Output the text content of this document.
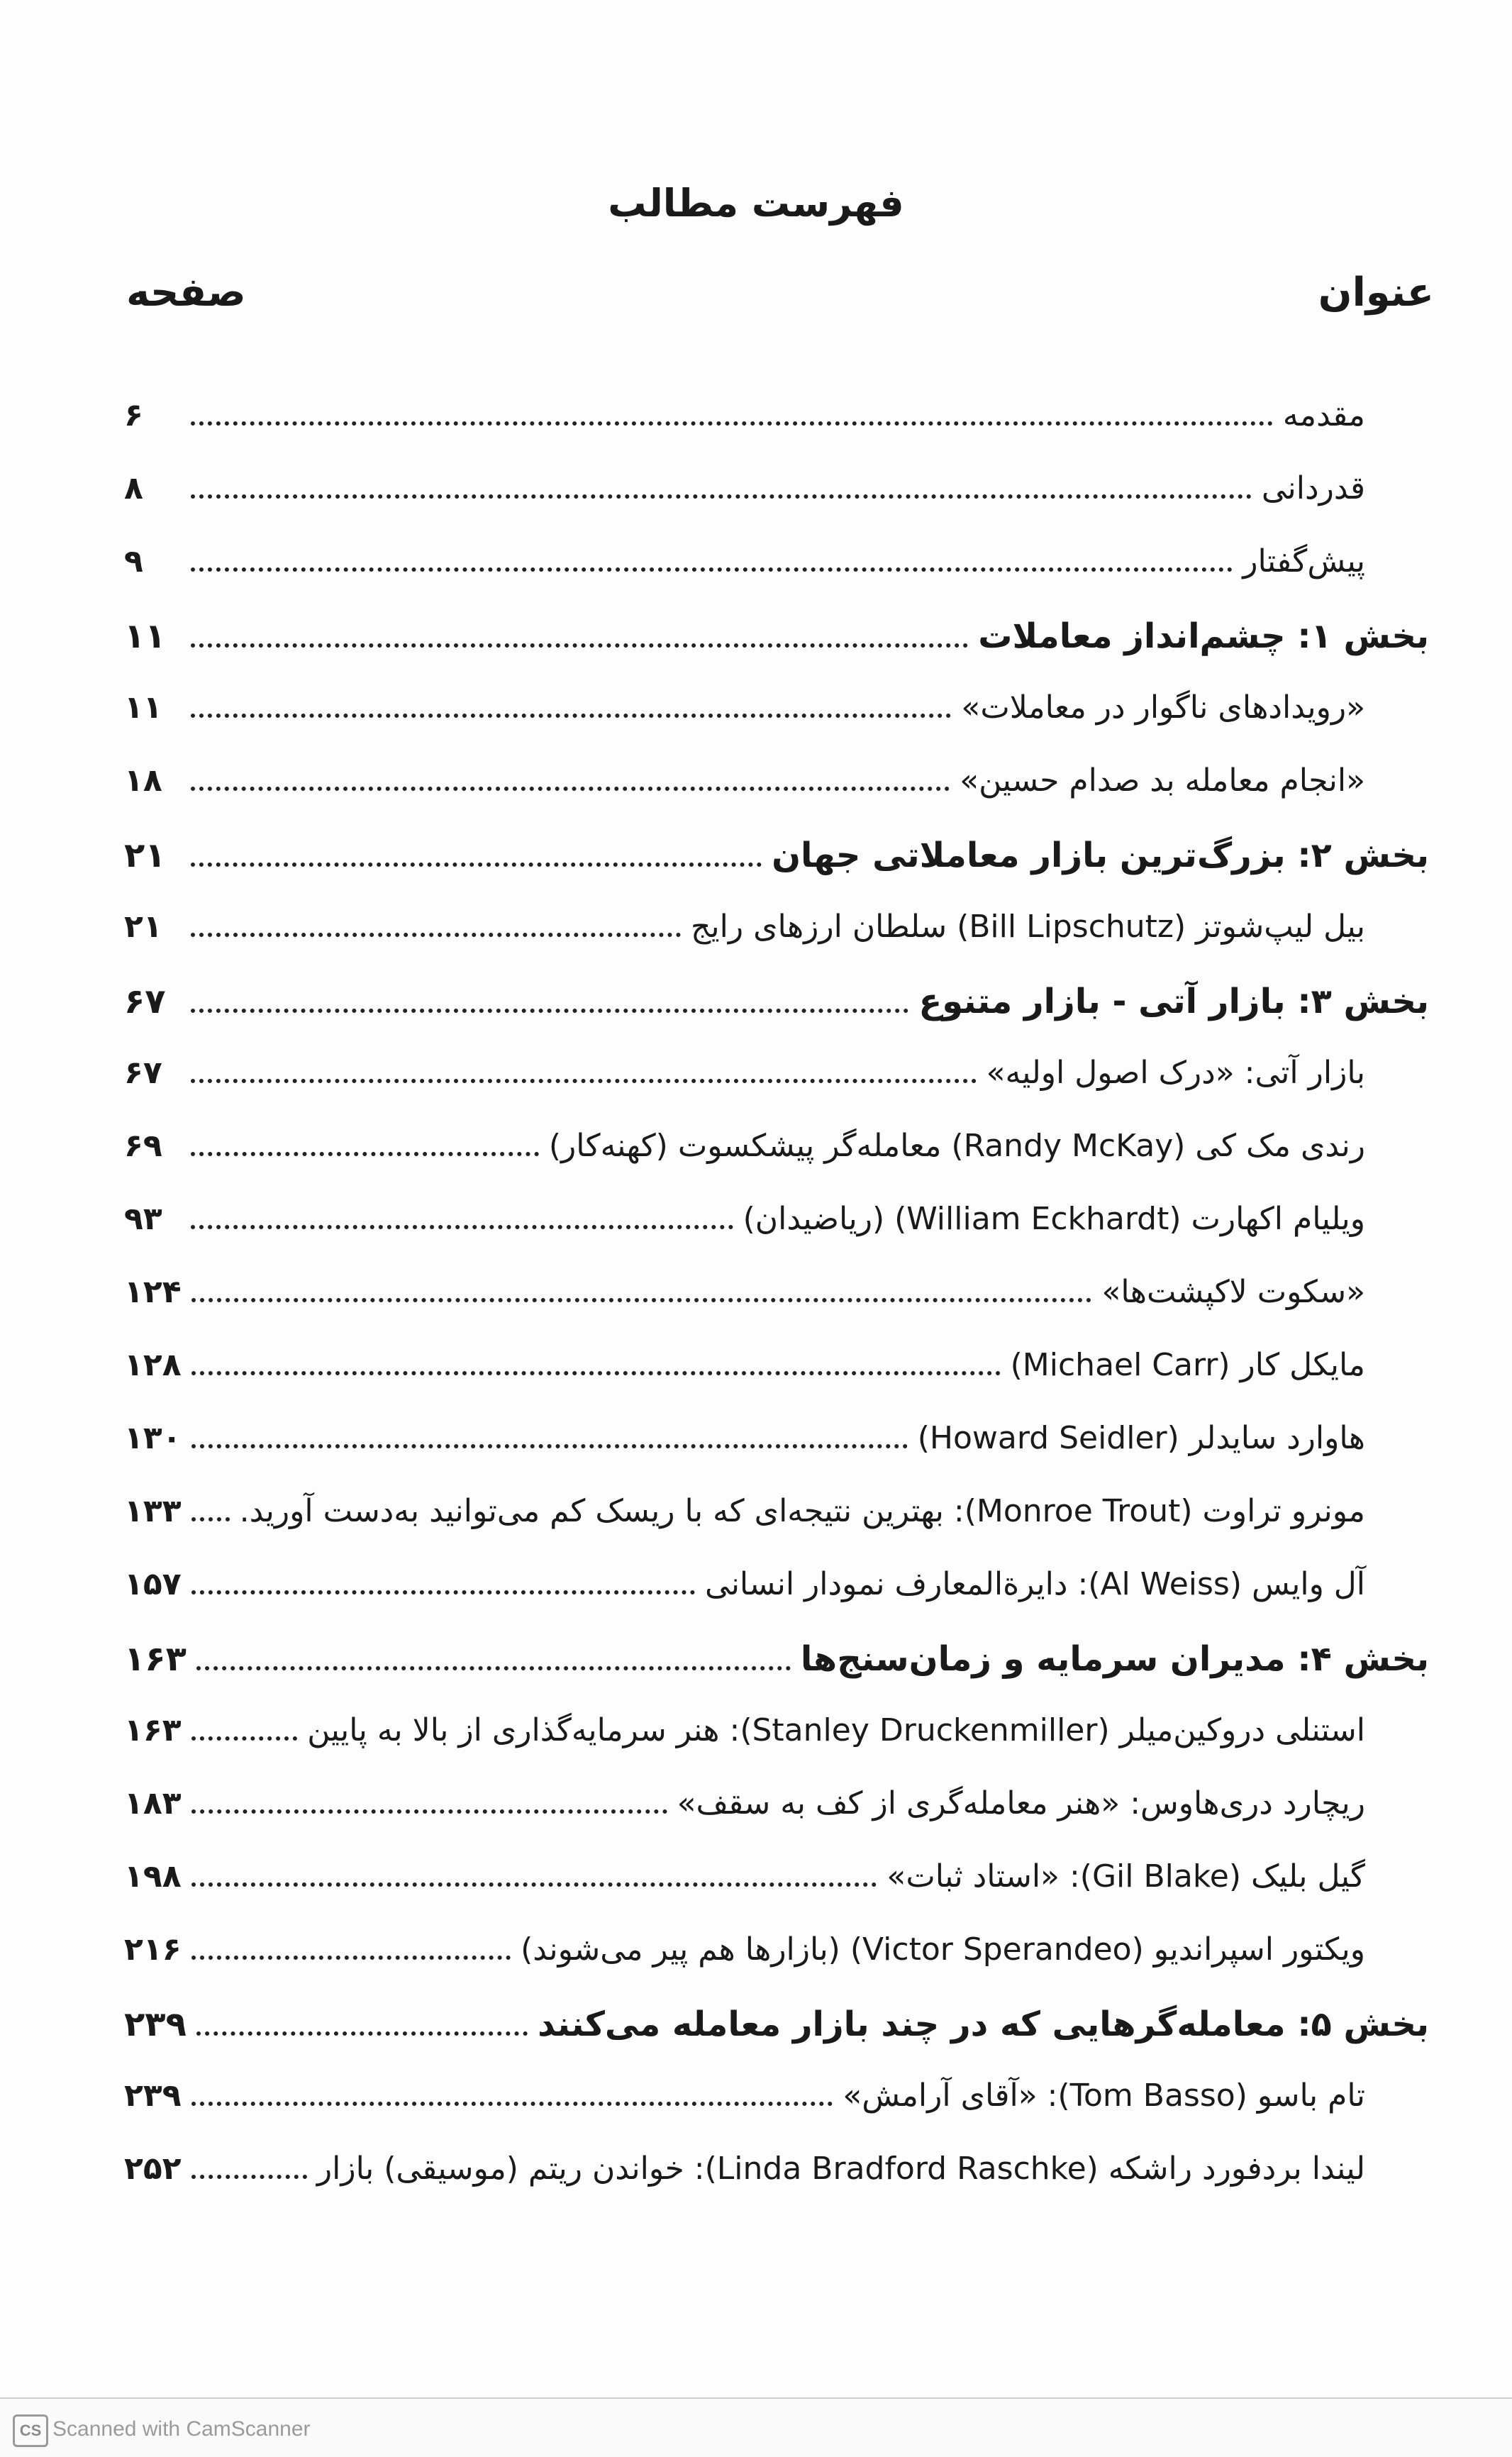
فهرست مطالب
عنوان
صفحه
مقدمه
۶
قدردانی
۸
پیش‌گفتار
۹
بخش ۱: چشم‌انداز معاملات
۱۱
«رویدادهای ناگوار در معاملات»
۱۱
«انجام معامله بد صدام حسین»
۱۸
بخش ۲: بزرگ‌ترین بازار معاملاتی جهان
۲۱
بیل لیپ‌شوتز (Bill Lipschutz) سلطان ارزهای رایج
۲۱
بخش ۳: بازار آتی - بازار متنوع
۶۷
بازار آتی: «درک اصول اولیه»
۶۷
رندی مک کی (Randy McKay) معامله‌گر پیشکسوت (کهنه‌کار)
۶۹
ویلیام اکهارت (William Eckhardt) (ریاضیدان)
۹۳
«سکوت لاکپشت‌ها»
۱۲۴
مایکل کار (Michael Carr)
۱۲۸
هاوارد سایدلر (Howard Seidler)
۱۳۰
مونرو تراوت (Monroe Trout): بهترین نتیجه‌ای که با ریسک کم می‌توانید به‌دست آورید.
۱۳۳
آل وایس (Al Weiss): دایرةالمعارف نمودار انسانی
۱۵۷
بخش ۴: مدیران سرمایه و زمان‌سنج‌ها
۱۶۳
استنلی دروکین‌میلر (Stanley Druckenmiller): هنر سرمایه‌گذاری از بالا به پایین
۱۶۳
ریچارد دری‌هاوس: «هنر معامله‌گری از کف به سقف»
۱۸۳
گیل بلیک (Gil Blake): «استاد ثبات»
۱۹۸
ویکتور اسپراندیو (Victor Sperandeo) (بازارها هم پیر می‌شوند)
۲۱۶
بخش ۵: معامله‌گرهایی که در چند بازار معامله می‌کنند
۲۳۹
تام باسو (Tom Basso): «آقای آرامش»
۲۳۹
لیندا بردفورد راشکه (Linda Bradford Raschke): خواندن ریتم (موسیقی) بازار
۲۵۲
CS Scanned with CamScanner
